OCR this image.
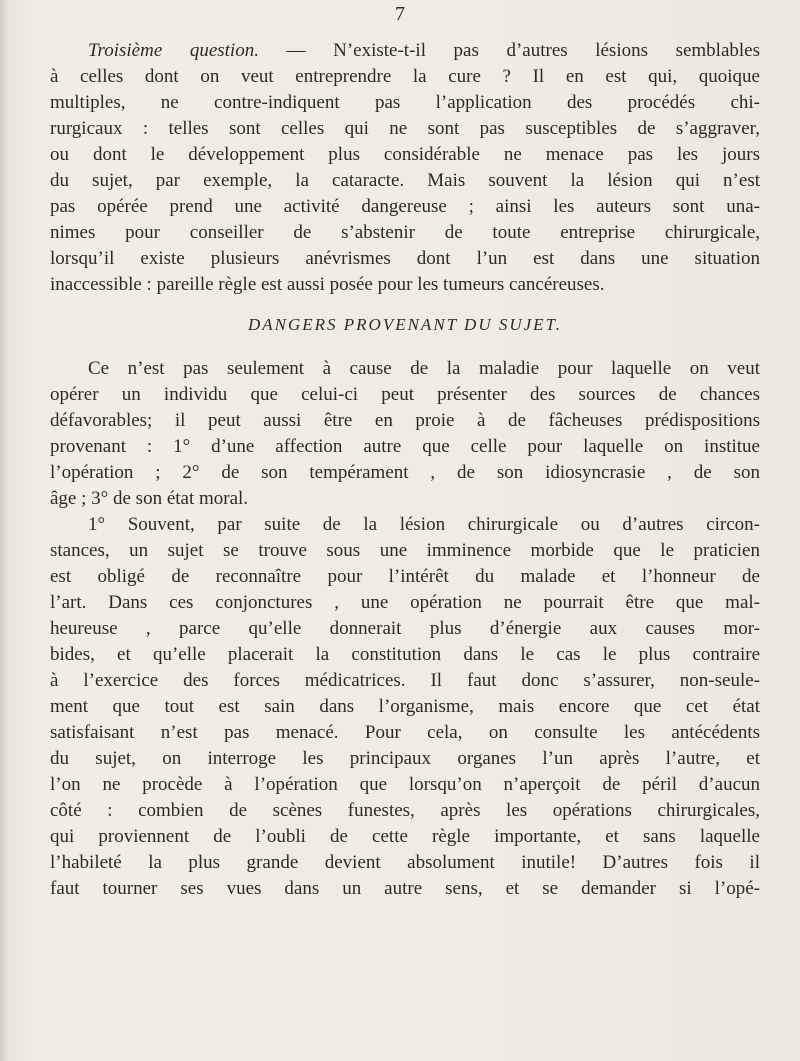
7
Troisième question. — N’existe-t-il pas d’autres lésions semblables
à celles dont on veut entreprendre la cure ? Il en est qui, quoique
multiples, ne contre-indiquent pas l’application des procédés chi-
rurgicaux : telles sont celles qui ne sont pas susceptibles de s’aggraver,
ou dont le développement plus considérable ne menace pas les jours
du sujet, par exemple, la cataracte. Mais souvent la lésion qui n’est
pas opérée prend une activité dangereuse ; ainsi les auteurs sont una-
nimes pour conseiller de s’abstenir de toute entreprise chirurgicale,
lorsqu’il existe plusieurs anévrismes dont l’un est dans une situation
inaccessible : pareille règle est aussi posée pour les tumeurs cancéreuses.
DANGERS PROVENANT DU SUJET.
Ce n’est pas seulement à cause de la maladie pour laquelle on veut
opérer un individu que celui-ci peut présenter des sources de chances
défavorables; il peut aussi être en proie à de fâcheuses prédispositions
provenant : 1° d’une affection autre que celle pour laquelle on institue
l’opération ; 2° de son tempérament , de son idiosyncrasie , de son
âge ; 3° de son état moral.
1° Souvent, par suite de la lésion chirurgicale ou d’autres circon-
stances, un sujet se trouve sous une imminence morbide que le praticien
est obligé de reconnaître pour l’intérêt du malade et l’honneur de
l’art. Dans ces conjonctures , une opération ne pourrait être que mal-
heureuse , parce qu’elle donnerait plus d’énergie aux causes mor-
bides, et qu’elle placerait la constitution dans le cas le plus contraire
à l’exercice des forces médicatrices. Il faut donc s’assurer, non-seule-
ment que tout est sain dans l’organisme, mais encore que cet état
satisfaisant n’est pas menacé. Pour cela, on consulte les antécédents
du sujet, on interroge les principaux organes l’un après l’autre, et
l’on ne procède à l’opération que lorsqu’on n’aperçoit de péril d’aucun
côté : combien de scènes funestes, après les opérations chirurgicales,
qui proviennent de l’oubli de cette règle importante, et sans laquelle
l’habileté la plus grande devient absolument inutile! D’autres fois il
faut tourner ses vues dans un autre sens, et se demander si l’opé-
